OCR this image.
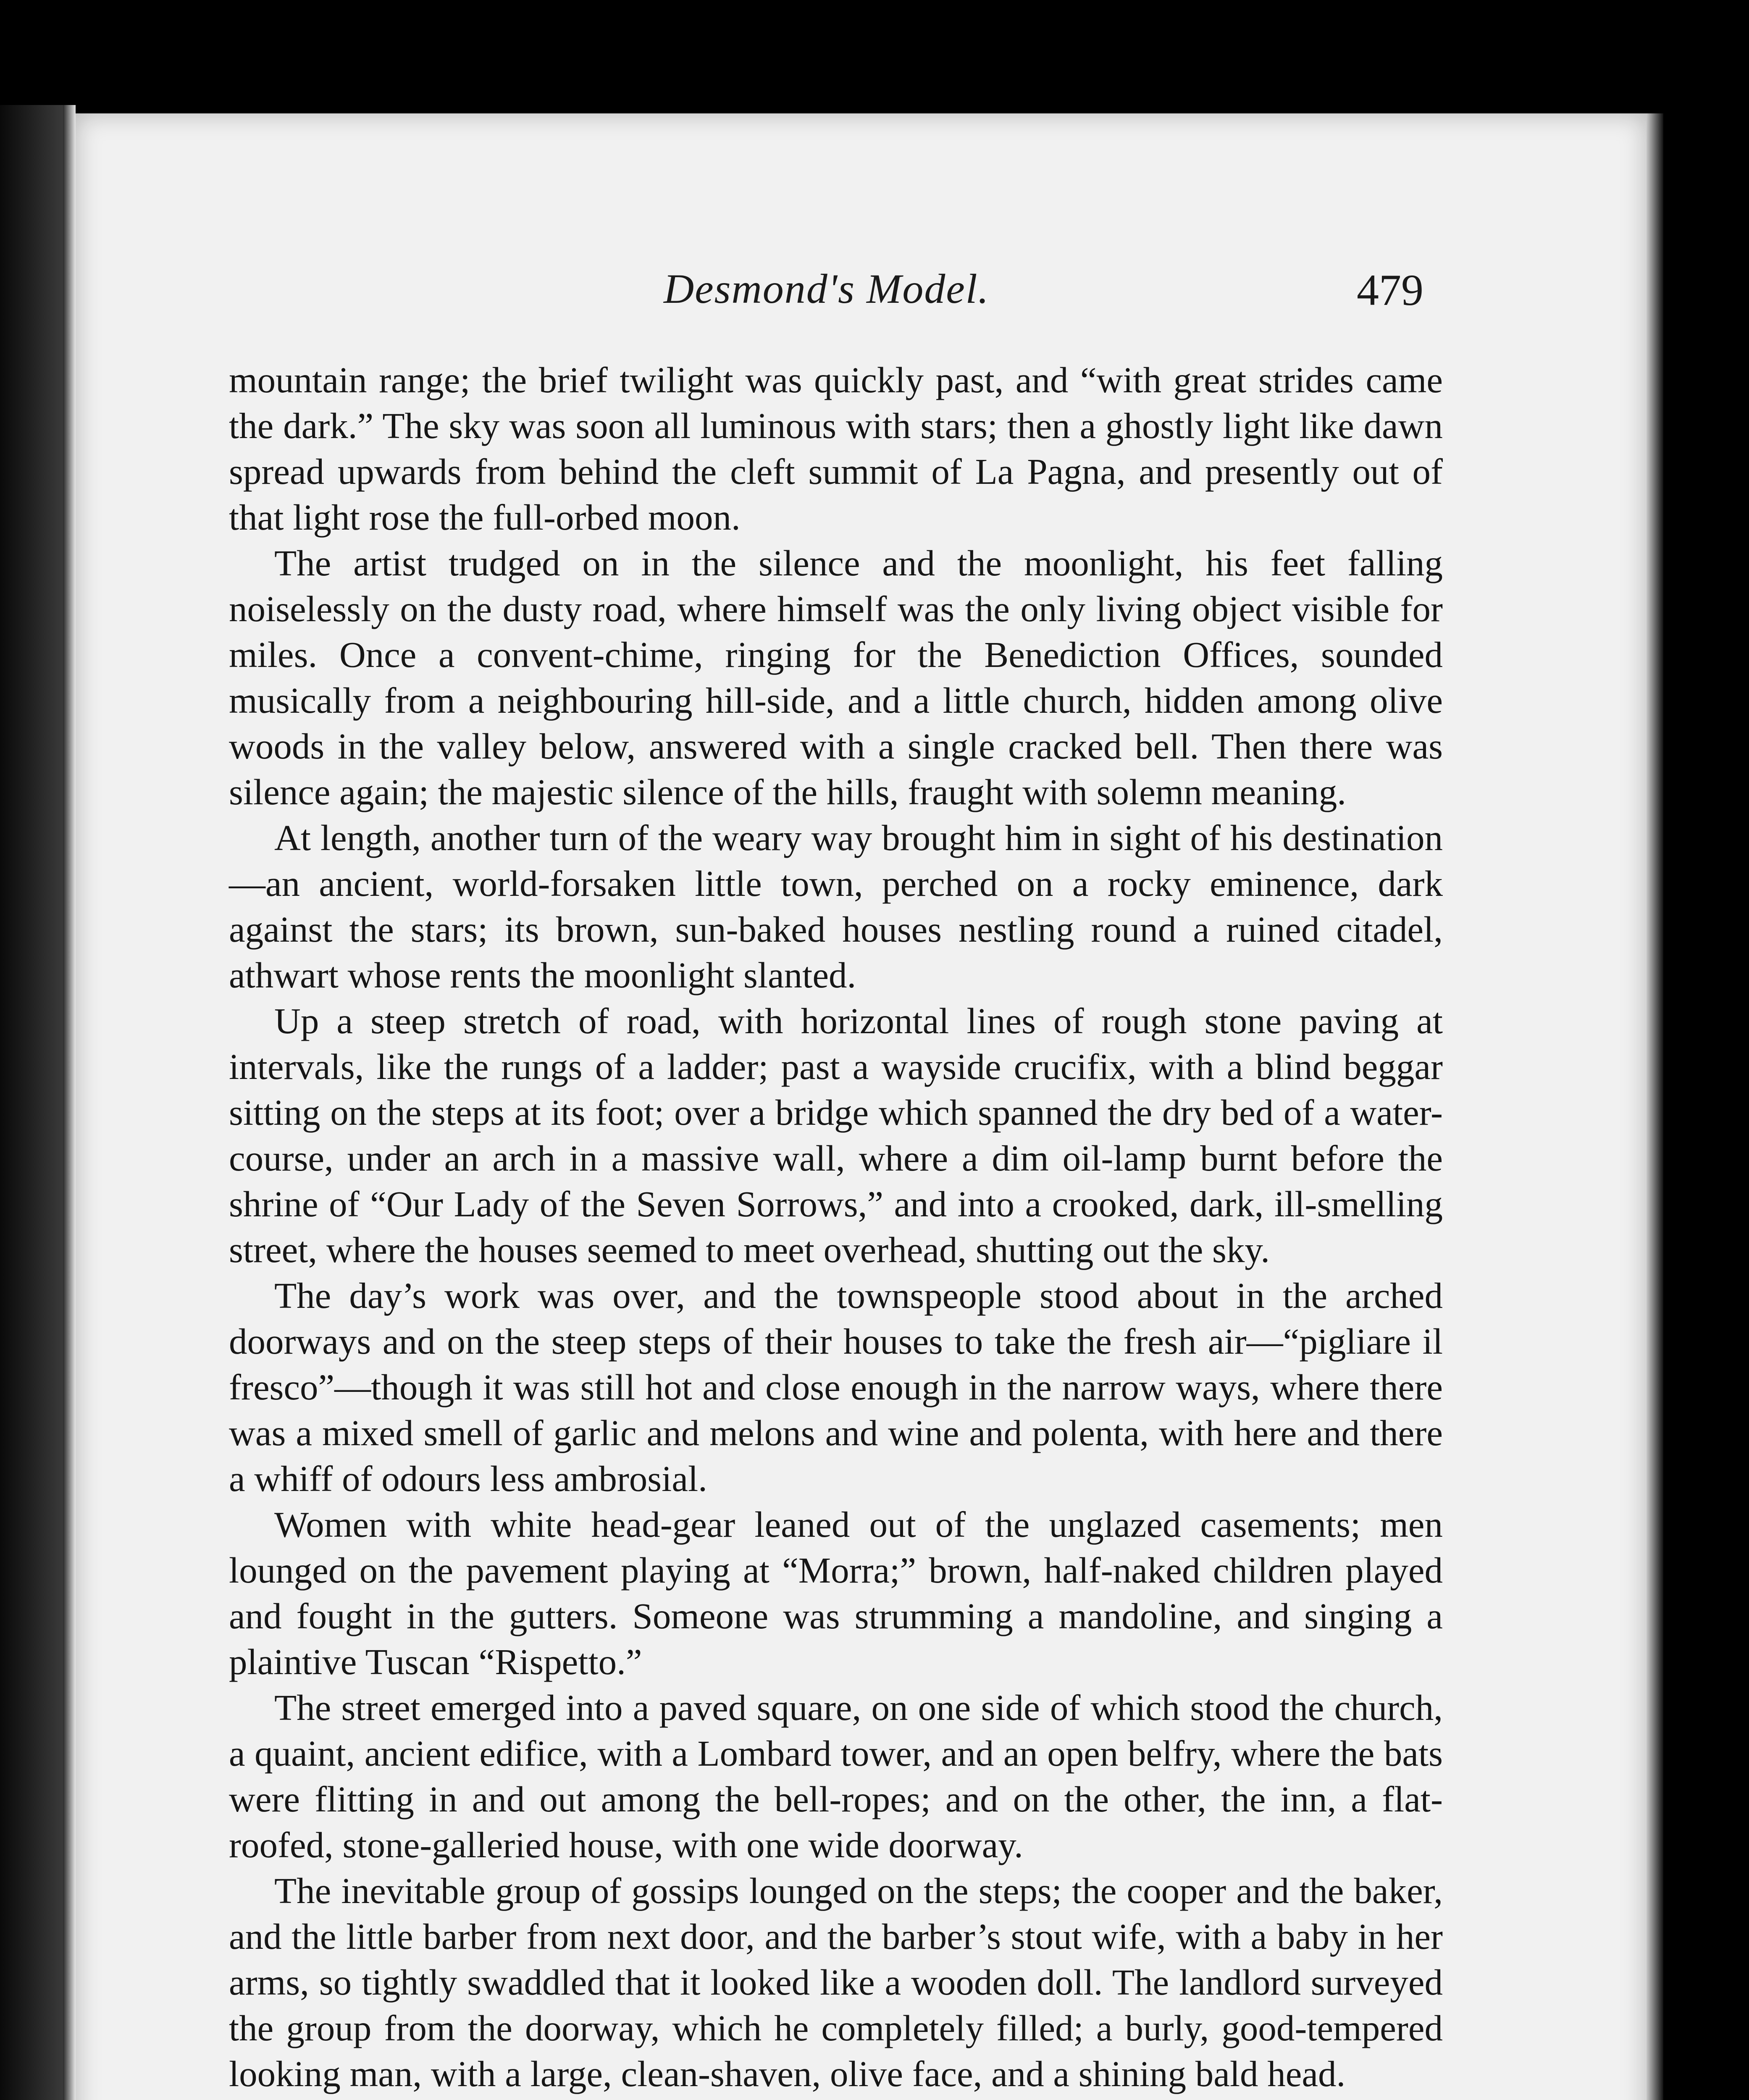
Desmond's Model.	479

mountain range; the brief twilight was quickly past, and “with great strides came the dark.” The sky was soon all luminous with stars; then a ghostly light like dawn spread upwards from behind the cleft summit of La Pagna, and presently out of that light rose the full-orbed moon.

The artist trudged on in the silence and the moonlight, his feet falling noiselessly on the dusty road, where himself was the only living object visible for miles. Once a convent-chime, ringing for the Benediction Offices, sounded musically from a neighbouring hill-side, and a little church, hidden among olive woods in the valley below, answered with a single cracked bell. Then there was silence again; the majestic silence of the hills, fraught with solemn meaning.

At length, another turn of the weary way brought him in sight of his destination—an ancient, world-forsaken little town, perched on a rocky eminence, dark against the stars; its brown, sun-baked houses nestling round a ruined citadel, athwart whose rents the moonlight slanted.

Up a steep stretch of road, with horizontal lines of rough stone paving at intervals, like the rungs of a ladder; past a wayside crucifix, with a blind beggar sitting on the steps at its foot; over a bridge which spanned the dry bed of a water-course, under an arch in a massive wall, where a dim oil-lamp burnt before the shrine of “Our Lady of the Seven Sorrows,” and into a crooked, dark, ill-smelling street, where the houses seemed to meet overhead, shutting out the sky.

The day’s work was over, and the townspeople stood about in the arched doorways and on the steep steps of their houses to take the fresh air—“pigliare il fresco”—though it was still hot and close enough in the narrow ways, where there was a mixed smell of garlic and melons and wine and polenta, with here and there a whiff of odours less ambrosial.

Women with white head-gear leaned out of the unglazed casements; men lounged on the pavement playing at “Morra;” brown, half-naked children played and fought in the gutters. Someone was strumming a mandoline, and singing a plaintive Tuscan “Rispetto.”

The street emerged into a paved square, on one side of which stood the church, a quaint, ancient edifice, with a Lombard tower, and an open belfry, where the bats were flitting in and out among the bell-ropes; and on the other, the inn, a flat-roofed, stone-galleried house, with one wide doorway.

The inevitable group of gossips lounged on the steps; the cooper and the baker, and the little barber from next door, and the barber’s stout wife, with a baby in her arms, so tightly swaddled that it looked like a wooden doll. The landlord surveyed the group from the doorway, which he completely filled; a burly, good-tempered looking man, with a large, clean-shaven, olive face, and a shining bald head.
